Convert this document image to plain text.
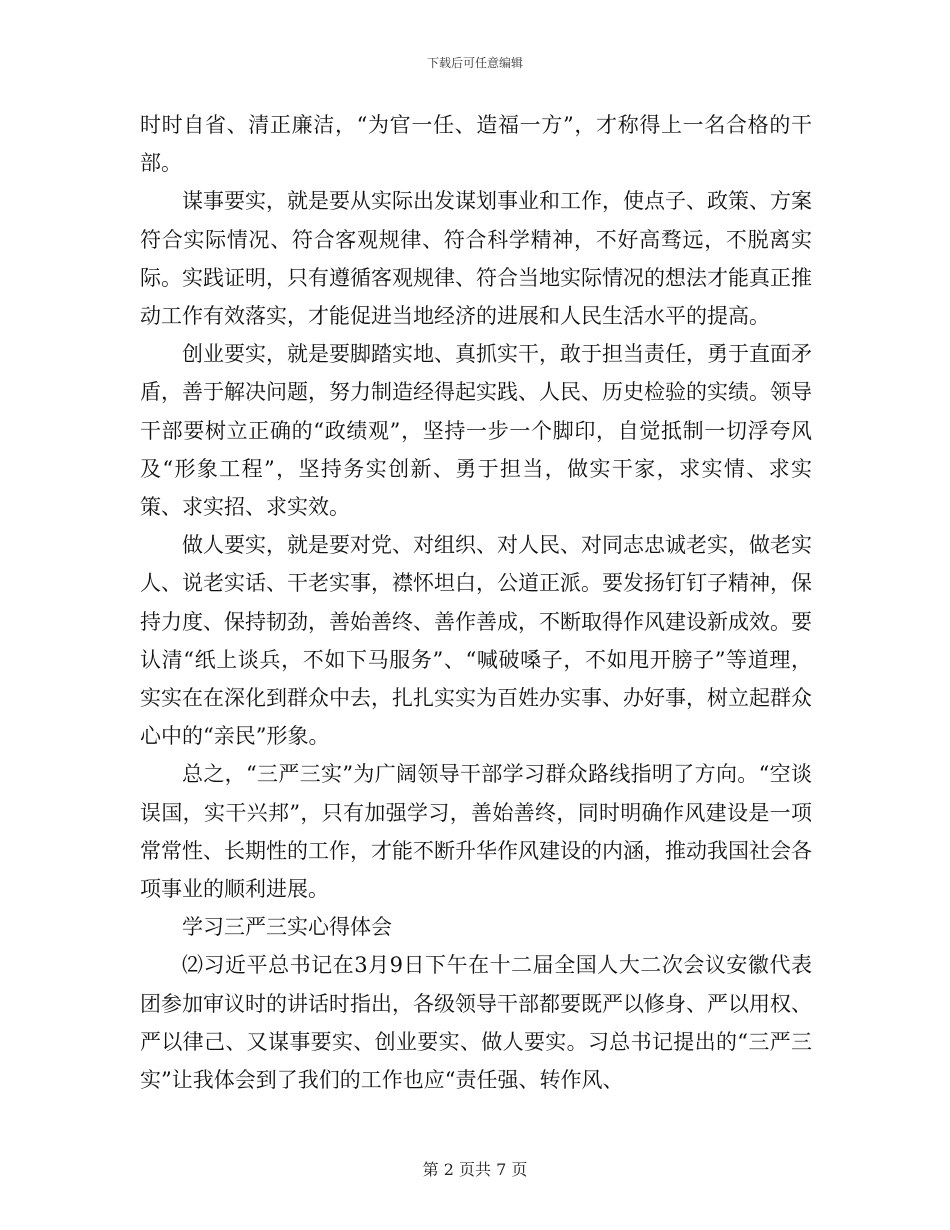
下载后可任意编辑

时时自省、清正廉洁，“为官一任、造福一方”，才称得上一名合格的干部。

谋事要实，就是要从实际出发谋划事业和工作，使点子、政策、方案符合实际情况、符合客观规律、符合科学精神，不好高骛远，不脱离实际。实践证明，只有遵循客观规律、符合当地实际情况的想法才能真正推动工作有效落实，才能促进当地经济的进展和人民生活水平的提高。

创业要实，就是要脚踏实地、真抓实干，敢于担当责任，勇于直面矛盾，善于解决问题，努力制造经得起实践、人民、历史检验的实绩。领导干部要树立正确的“政绩观”，坚持一步一个脚印，自觉抵制一切浮夸风及“形象工程”，坚持务实创新、勇于担当，做实干家，求实情、求实策、求实招、求实效。

做人要实，就是要对党、对组织、对人民、对同志忠诚老实，做老实人、说老实话、干老实事，襟怀坦白，公道正派。要发扬钉钉子精神，保持力度、保持韧劲，善始善终、善作善成，不断取得作风建设新成效。要认清“纸上谈兵，不如下马服务”、“喊破嗓子，不如甩开膀子”等道理，实实在在深化到群众中去，扎扎实实为百姓办实事、办好事，树立起群众心中的“亲民”形象。

总之，“三严三实”为广阔领导干部学习群众路线指明了方向。“空谈误国，实干兴邦”，只有加强学习，善始善终，同时明确作风建设是一项常常性、长期性的工作，才能不断升华作风建设的内涵，推动我国社会各项事业的顺利进展。

学习三严三实心得体会

⑵习近平总书记在3月9日下午在十二届全国人大二次会议安徽代表团参加审议时的讲话时指出，各级领导干部都要既严以修身、严以用权、严以律己、又谋事要实、创业要实、做人要实。习总书记提出的“三严三实”让我体会到了我们的工作也应“责任强、转作风、

第 2 页共 7 页
